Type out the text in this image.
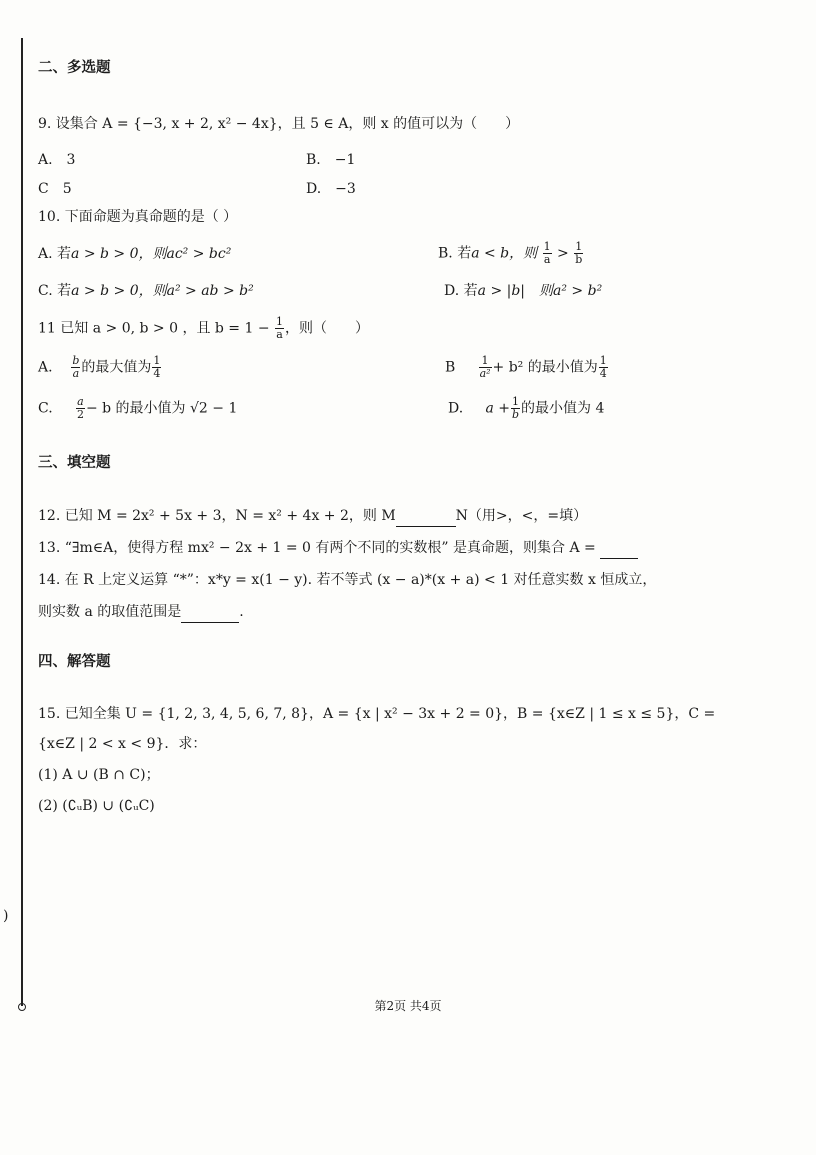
)
二、多选题
9. 设集合 A = {−3, x + 2, x² − 4x}，且 5 ∈ A，则 x 的值可以为（　　）
A.　3	B.　−1
C　5	D.　−3
10. 下面命题为真命题的是（ ）
A. 若a > b > 0，则ac² > bc²	B. 若a < b，则 $\frac{1}{a} > \frac{1}{b}$
C. 若a > b > 0，则a² > ab > b²	D. 若a > |b|　则a² > b²
11 已知 a > 0, b > 0 ，且 $b = 1 - \frac{1}{a}$ ，则（　　）
A. $\frac{b}{a}$ 的最大值为 $\frac{1}{4}$	B $\frac{1}{\text{a²}} + b^2$ 的最小值为 $\frac{1}{4}$
C. $\frac{a}{2} - b$ 的最小值为 √2 − 1	D. $a + \frac{1}{b}$ 的最小值为 4
三、填空题
12. 已知 M = 2x² + 5x + 3，N = x² + 4x + 2，则 M	N（用>，<，=填）
13. “∃m∈A，使得方程 mx² − 2x + 1 = 0 有两个不同的实数根” 是真命题，则集合 A =
14. 在 R 上定义运算 “*”：x*y = x(1 − y). 若不等式 (x − a)*(x + a) < 1 对任意实数 x 恒成立，
则实数 a 的取值范围是	.
四、解答题
15. 已知全集 U = {1, 2, 3, 4, 5, 6, 7, 8}，A = {x | x² − 3x + 2 = 0}，B = {x∈Z | 1 ≤ x ≤ 5}，C =
{x∈Z | 2 < x < 9}．求：
(1) A ∪ (B ∩ C)；
(2) (∁ᵤB) ∪ (∁ᵤC)
第2页 共4页
